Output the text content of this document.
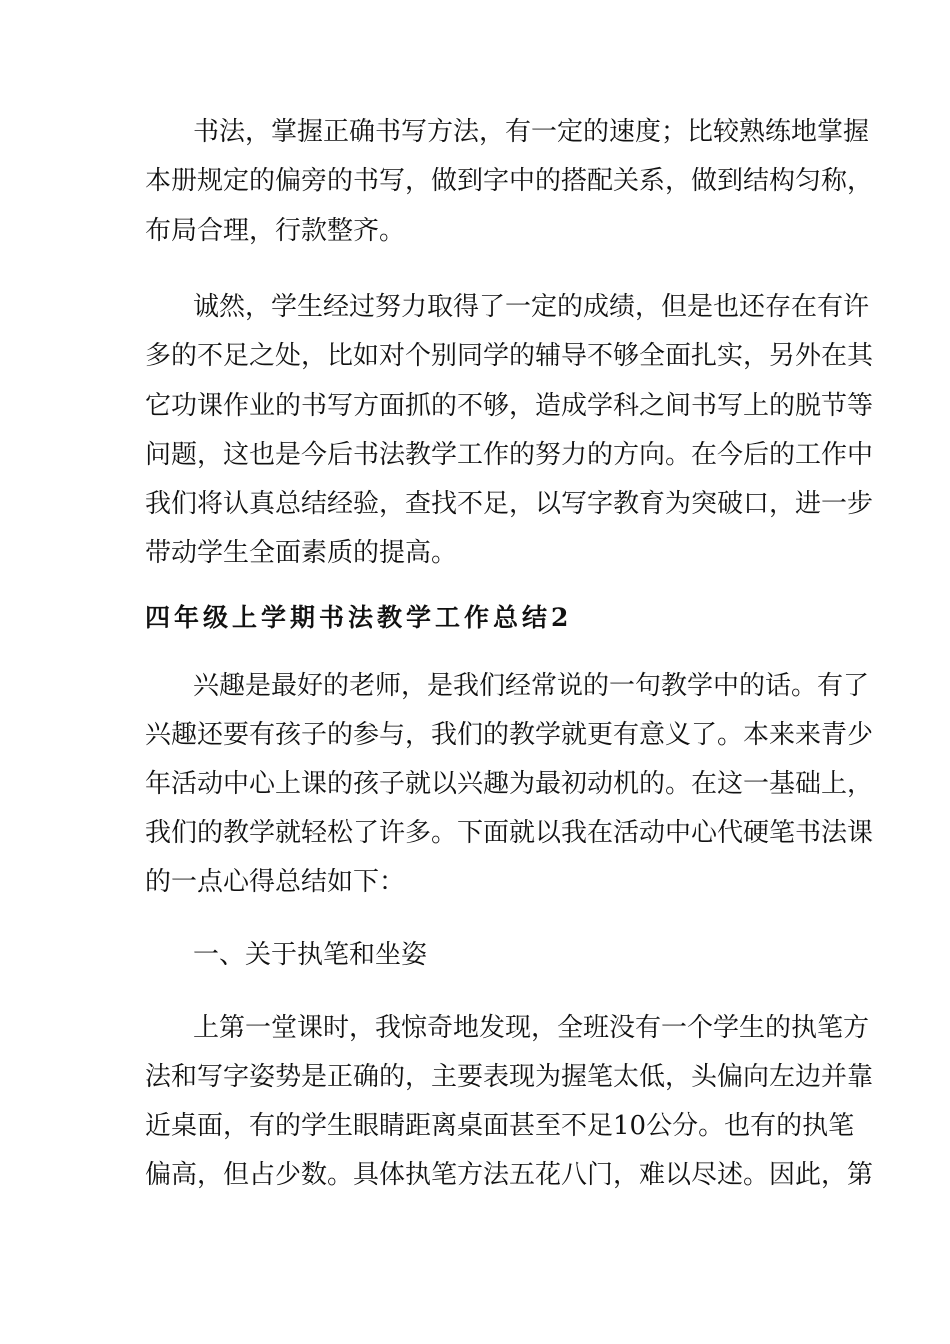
书法，掌握正确书写方法，有一定的速度；比较熟练地掌握

本册规定的偏旁的书写，做到字中的搭配关系，做到结构匀称，

布局合理，行款整齐。

诚然，学生经过努力取得了一定的成绩，但是也还存在有许

多的不足之处，比如对个别同学的辅导不够全面扎实，另外在其

它功课作业的书写方面抓的不够，造成学科之间书写上的脱节等

问题，这也是今后书法教学工作的努力的方向。在今后的工作中

我们将认真总结经验，查找不足，以写字教育为突破口，进一步

带动学生全面素质的提高。

四年级上学期书法教学工作总结2

兴趣是最好的老师，是我们经常说的一句教学中的话。有了

兴趣还要有孩子的参与，我们的教学就更有意义了。本来来青少

年活动中心上课的孩子就以兴趣为最初动机的。在这一基础上，

我们的教学就轻松了许多。下面就以我在活动中心代硬笔书法课

的一点心得总结如下：

一、关于执笔和坐姿

上第一堂课时，我惊奇地发现，全班没有一个学生的执笔方

法和写字姿势是正确的，主要表现为握笔太低，头偏向左边并靠

近桌面，有的学生眼睛距离桌面甚至不足10公分。也有的执笔

偏高，但占少数。具体执笔方法五花八门，难以尽述。因此，第
